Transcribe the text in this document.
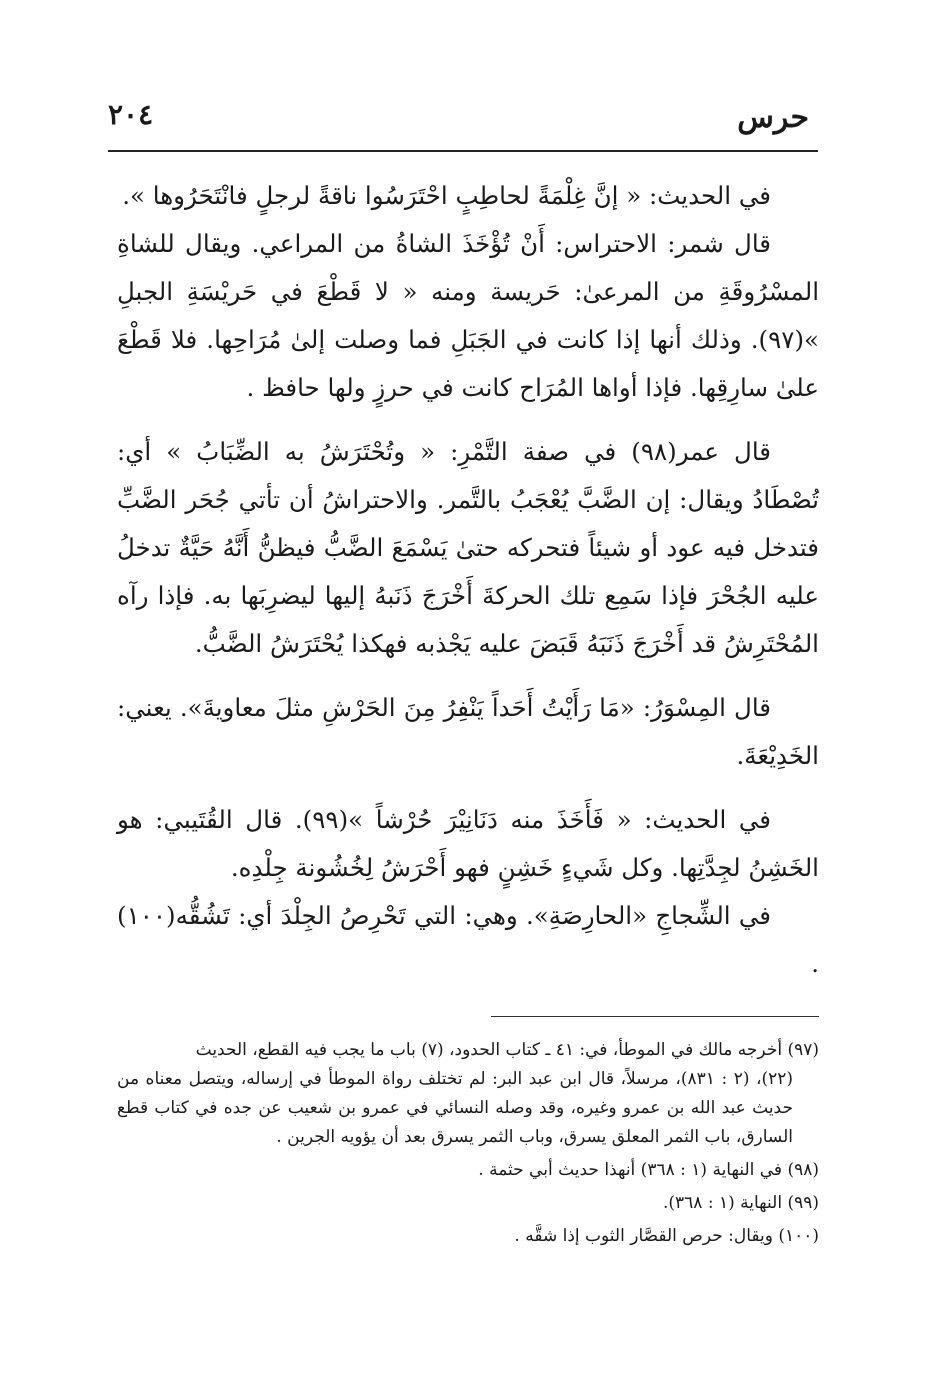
حرس
٢٠٤

في الحديث: « إنَّ غِلْمَةً لحاطِبٍ احْتَرَسُوا ناقةً لرجلٍ فانْتَحَرُوها ».

قال شمر: الاحتراس: أَنْ تُؤْخَذَ الشاةُ من المراعي. ويقال للشاةِ المسْرُوقَةِ من المرعىٰ: حَريسة ومنه « لا قَطْعَ في حَريْسَةِ الجبلِ »(٩٧). وذلك أنها إذا كانت في الجَبَلِ فما وصلت إلىٰ مُرَاحِها. فلا قَطْعَ علىٰ سارِقِها. فإذا أواها المُرَاح كانت في حرزٍ ولها حافظ .

قال عمر(٩٨) في صفة التَّمْرِ: « وتُحْتَرَشُ به الضِّبَابُ » أي: تُصْطَادُ ويقال: إن الضَّبَّ يُعْجَبُ بالتَّمر. والاحتراشُ أن تأتي جُحَر الضَّبِّ فتدخل فيه عود أو شيئاً فتحركه حتىٰ يَسْمَعَ الضَّبُّ فيظنُّ أَنَّهُ حَيَّةٌ تدخلُ عليه الجُحْرَ فإذا سَمِع تلك الحركةَ أَخْرَجَ ذَنَبهُ إليها ليضرِبَها به. فإذا رآه المُحْتَرِشُ قد أَخْرَجَ ذَنَبَهُ قَبَضَ عليه يَجْذبه فهكذا يُحْتَرَشُ الضَّبُّ.

قال المِسْوَرُ: «مَا رَأَيْتُ أَحَداً يَنْفِرُ مِنَ الحَرْشِ مثلَ معاويةَ». يعني: الخَدِيْعَةَ.

في الحديث: « فَأَخَذَ منه دَنَانِيْرَ حُرْشاً »(٩٩). قال القُتَيبي: هو الخَشِنُ لجِدَّتِها. وكل شَيءٍ خَشِنٍ فهو أَحْرَشُ لِخُشُونة جِلْدِه.

في الشِّجاجِ «الحارِصَةِ». وهي: التي تَحْرِصُ الجِلْدَ أي: تَشُقُّه(١٠٠) .

(٩٧) أخرجه مالك في الموطأ، في: ٤١ ـ كتاب الحدود، (٧) باب ما يجب فيه القطع، الحديث

(٢٢)، (٢ : ٨٣١)، مرسلاً، قال ابن عبد البر: لم تختلف رواة الموطأ في إرساله، ويتصل معناه من حديث عبد الله بن عمرو وغيره، وقد وصله النسائي في عمرو بن شعيب عن جده في كتاب قطع السارق، باب الثمر المعلق يسرق، وباب الثمر يسرق بعد أن يؤويه الجرين .

(٩٨) في النهاية (١ : ٣٦٨) أنهذا حديث أبي حثمة .

(٩٩) النهاية (١ : ٣٦٨).

(١٠٠) ويقال: حرص القصَّار الثوب إذا شقَّه .
